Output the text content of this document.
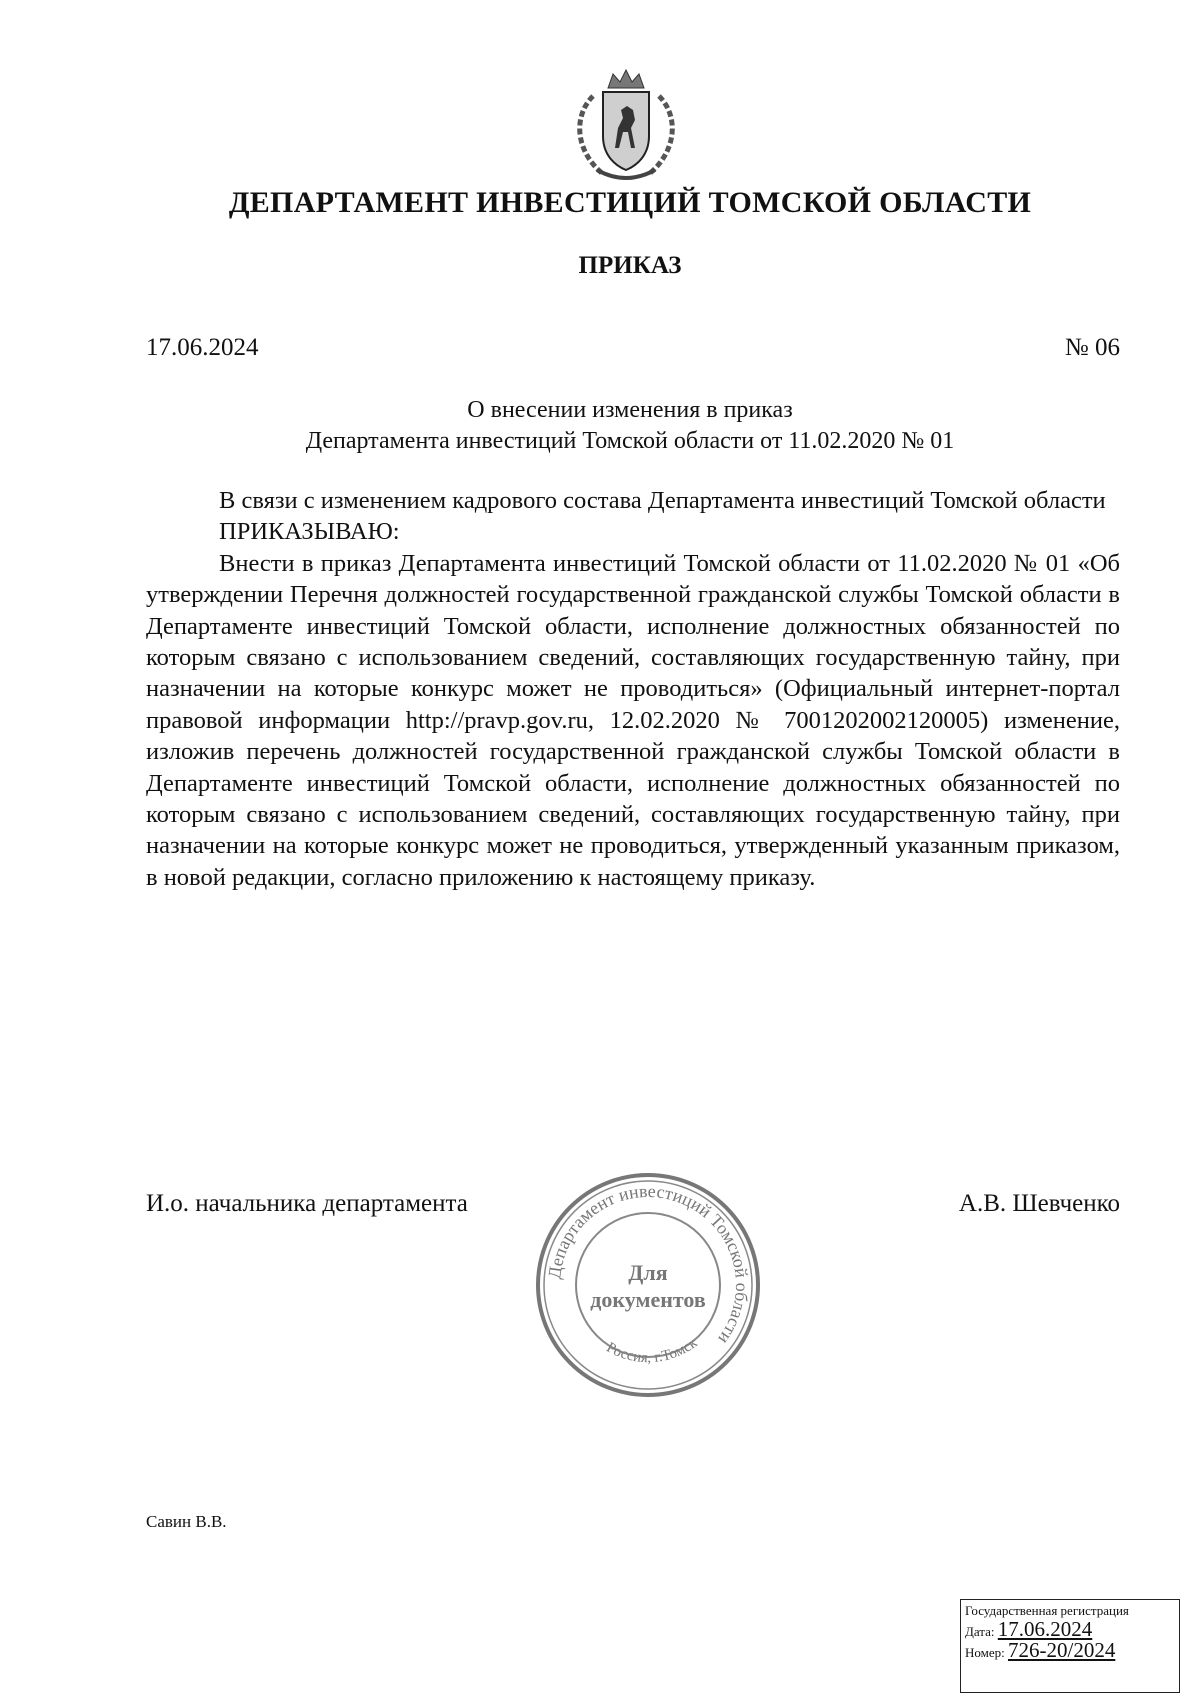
ДЕПАРТАМЕНТ ИНВЕСТИЦИЙ ТОМСКОЙ ОБЛАСТИ
ПРИКАЗ
17.06.2024	№ 06
О внесении изменения в приказ
Департамента инвестиций Томской области от 11.02.2020 № 01

В связи с изменением кадрового состава Департамента инвестиций Томской области

ПРИКАЗЫВАЮ:

Внести в приказ Департамента инвестиций Томской области от 11.02.2020 № 01 «Об утверждении Перечня должностей государственной гражданской службы Томской области в Департаменте инвестиций Томской области, исполнение должностных обязанностей по которым связано с использованием сведений, составляющих государственную тайну, при назначении на которые конкурс может не проводиться» (Официальный интернет-портал правовой информации http://pravp.gov.ru, 12.02.2020 № 7001202002120005) изменение, изложив перечень должностей государственной гражданской службы Томской области в Департаменте инвестиций Томской области, исполнение должностных обязанностей по которым связано с использованием сведений, составляющих государственную тайну, при назначении на которые конкурс может не проводиться, утвержденный указанным приказом, в новой редакции, согласно приложению к настоящему приказу.

И.о. начальника департамента	А.В. Шевченко
Департамент инвестиций Томской области
Россия, г.Томск
Для
документов
Савин В.В.
Государственная регистрация
Дата: 17.06.2024
Номер: 726-20/2024
